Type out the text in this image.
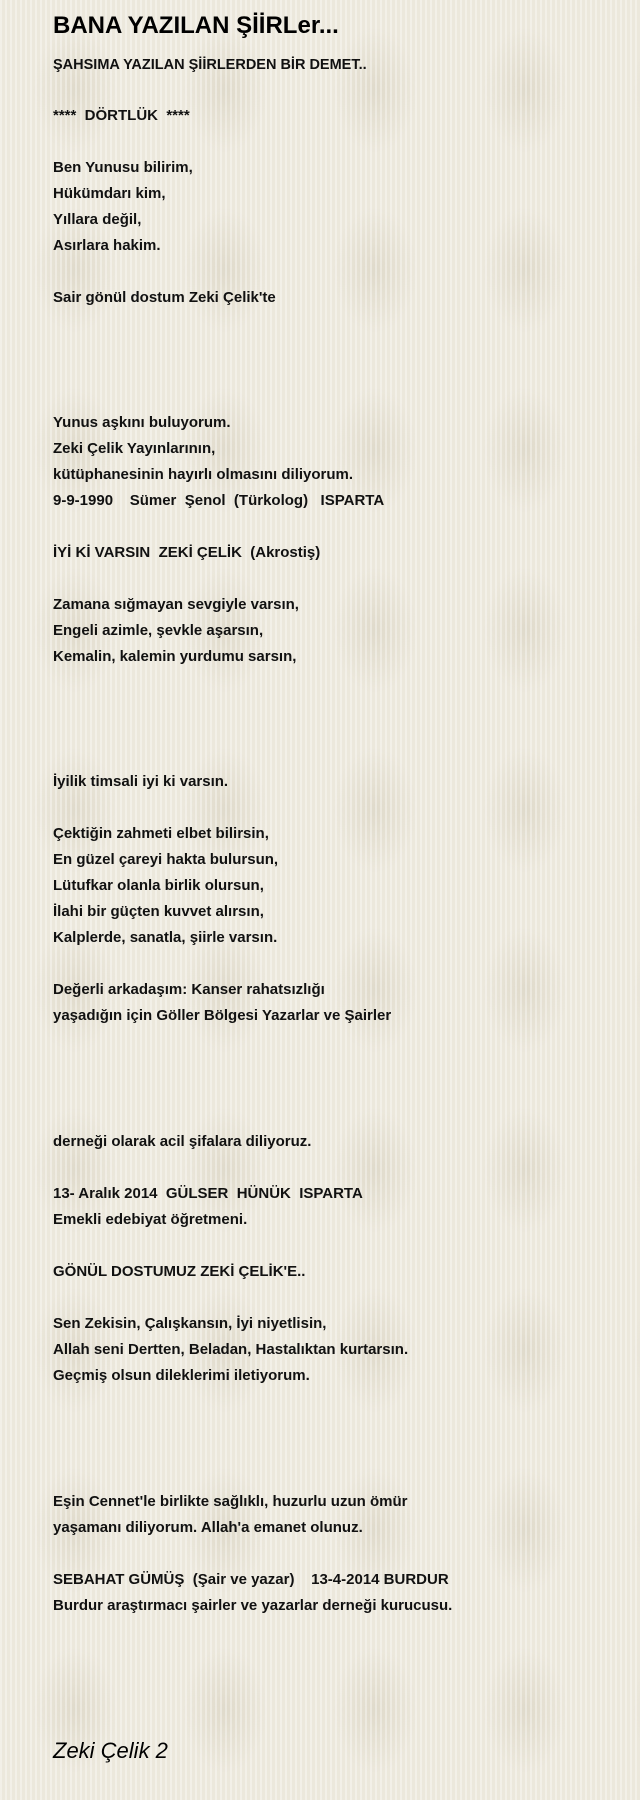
BANA YAZILAN ŞİİRLer...
ŞAHSIMA YAZILAN ŞİİRLERDEN BİR DEMET..
****  DÖRTLÜK  ****
Ben Yunusu bilirim,
Hükümdarı kim,
Yıllara değil,
Asırlara hakim.
Sair gönül dostum Zeki Çelik'te
Yunus aşkını buluyorum.
Zeki Çelik Yayınlarının,
kütüphanesinin hayırlı olmasını diliyorum.
9-9-1990    Sümer  Şenol  (Türkolog)   ISPARTA
İYİ Kİ VARSIN  ZEKİ ÇELİK  (Akrostiş)
Zamana sığmayan sevgiyle varsın,
Engeli azimle, şevkle aşarsın,
Kemalin, kalemin yurdumu sarsın,
İyilik timsali iyi ki varsın.
Çektiğin zahmeti elbet bilirsin,
En güzel çareyi hakta bulursun,
Lütufkar olanla birlik olursun,
İlahi bir güçten kuvvet alırsın,
Kalplerde, sanatla, şiirle varsın.
Değerli arkadaşım: Kanser rahatsızlığı
yaşadığın için Göller Bölgesi Yazarlar ve Şairler
derneği olarak acil şifalara diliyoruz.
13- Aralık 2014  GÜLSER  HÜNÜK  ISPARTA
Emekli edebiyat öğretmeni.
GÖNÜL DOSTUMUZ ZEKİ ÇELİK'E..
Sen Zekisin, Çalışkansın, İyi niyetlisin,
Allah seni Dertten, Beladan, Hastalıktan kurtarsın.
Geçmiş olsun dileklerimi iletiyorum.
Eşin Cennet'le birlikte sağlıklı, huzurlu uzun ömür
yaşamanı diliyorum. Allah'a emanet olunuz.
SEBAHAT GÜMÜŞ  (Şair ve yazar)    13-4-2014 BURDUR
Burdur araştırmacı şairler ve yazarlar derneği kurucusu.
Zeki Çelik 2
